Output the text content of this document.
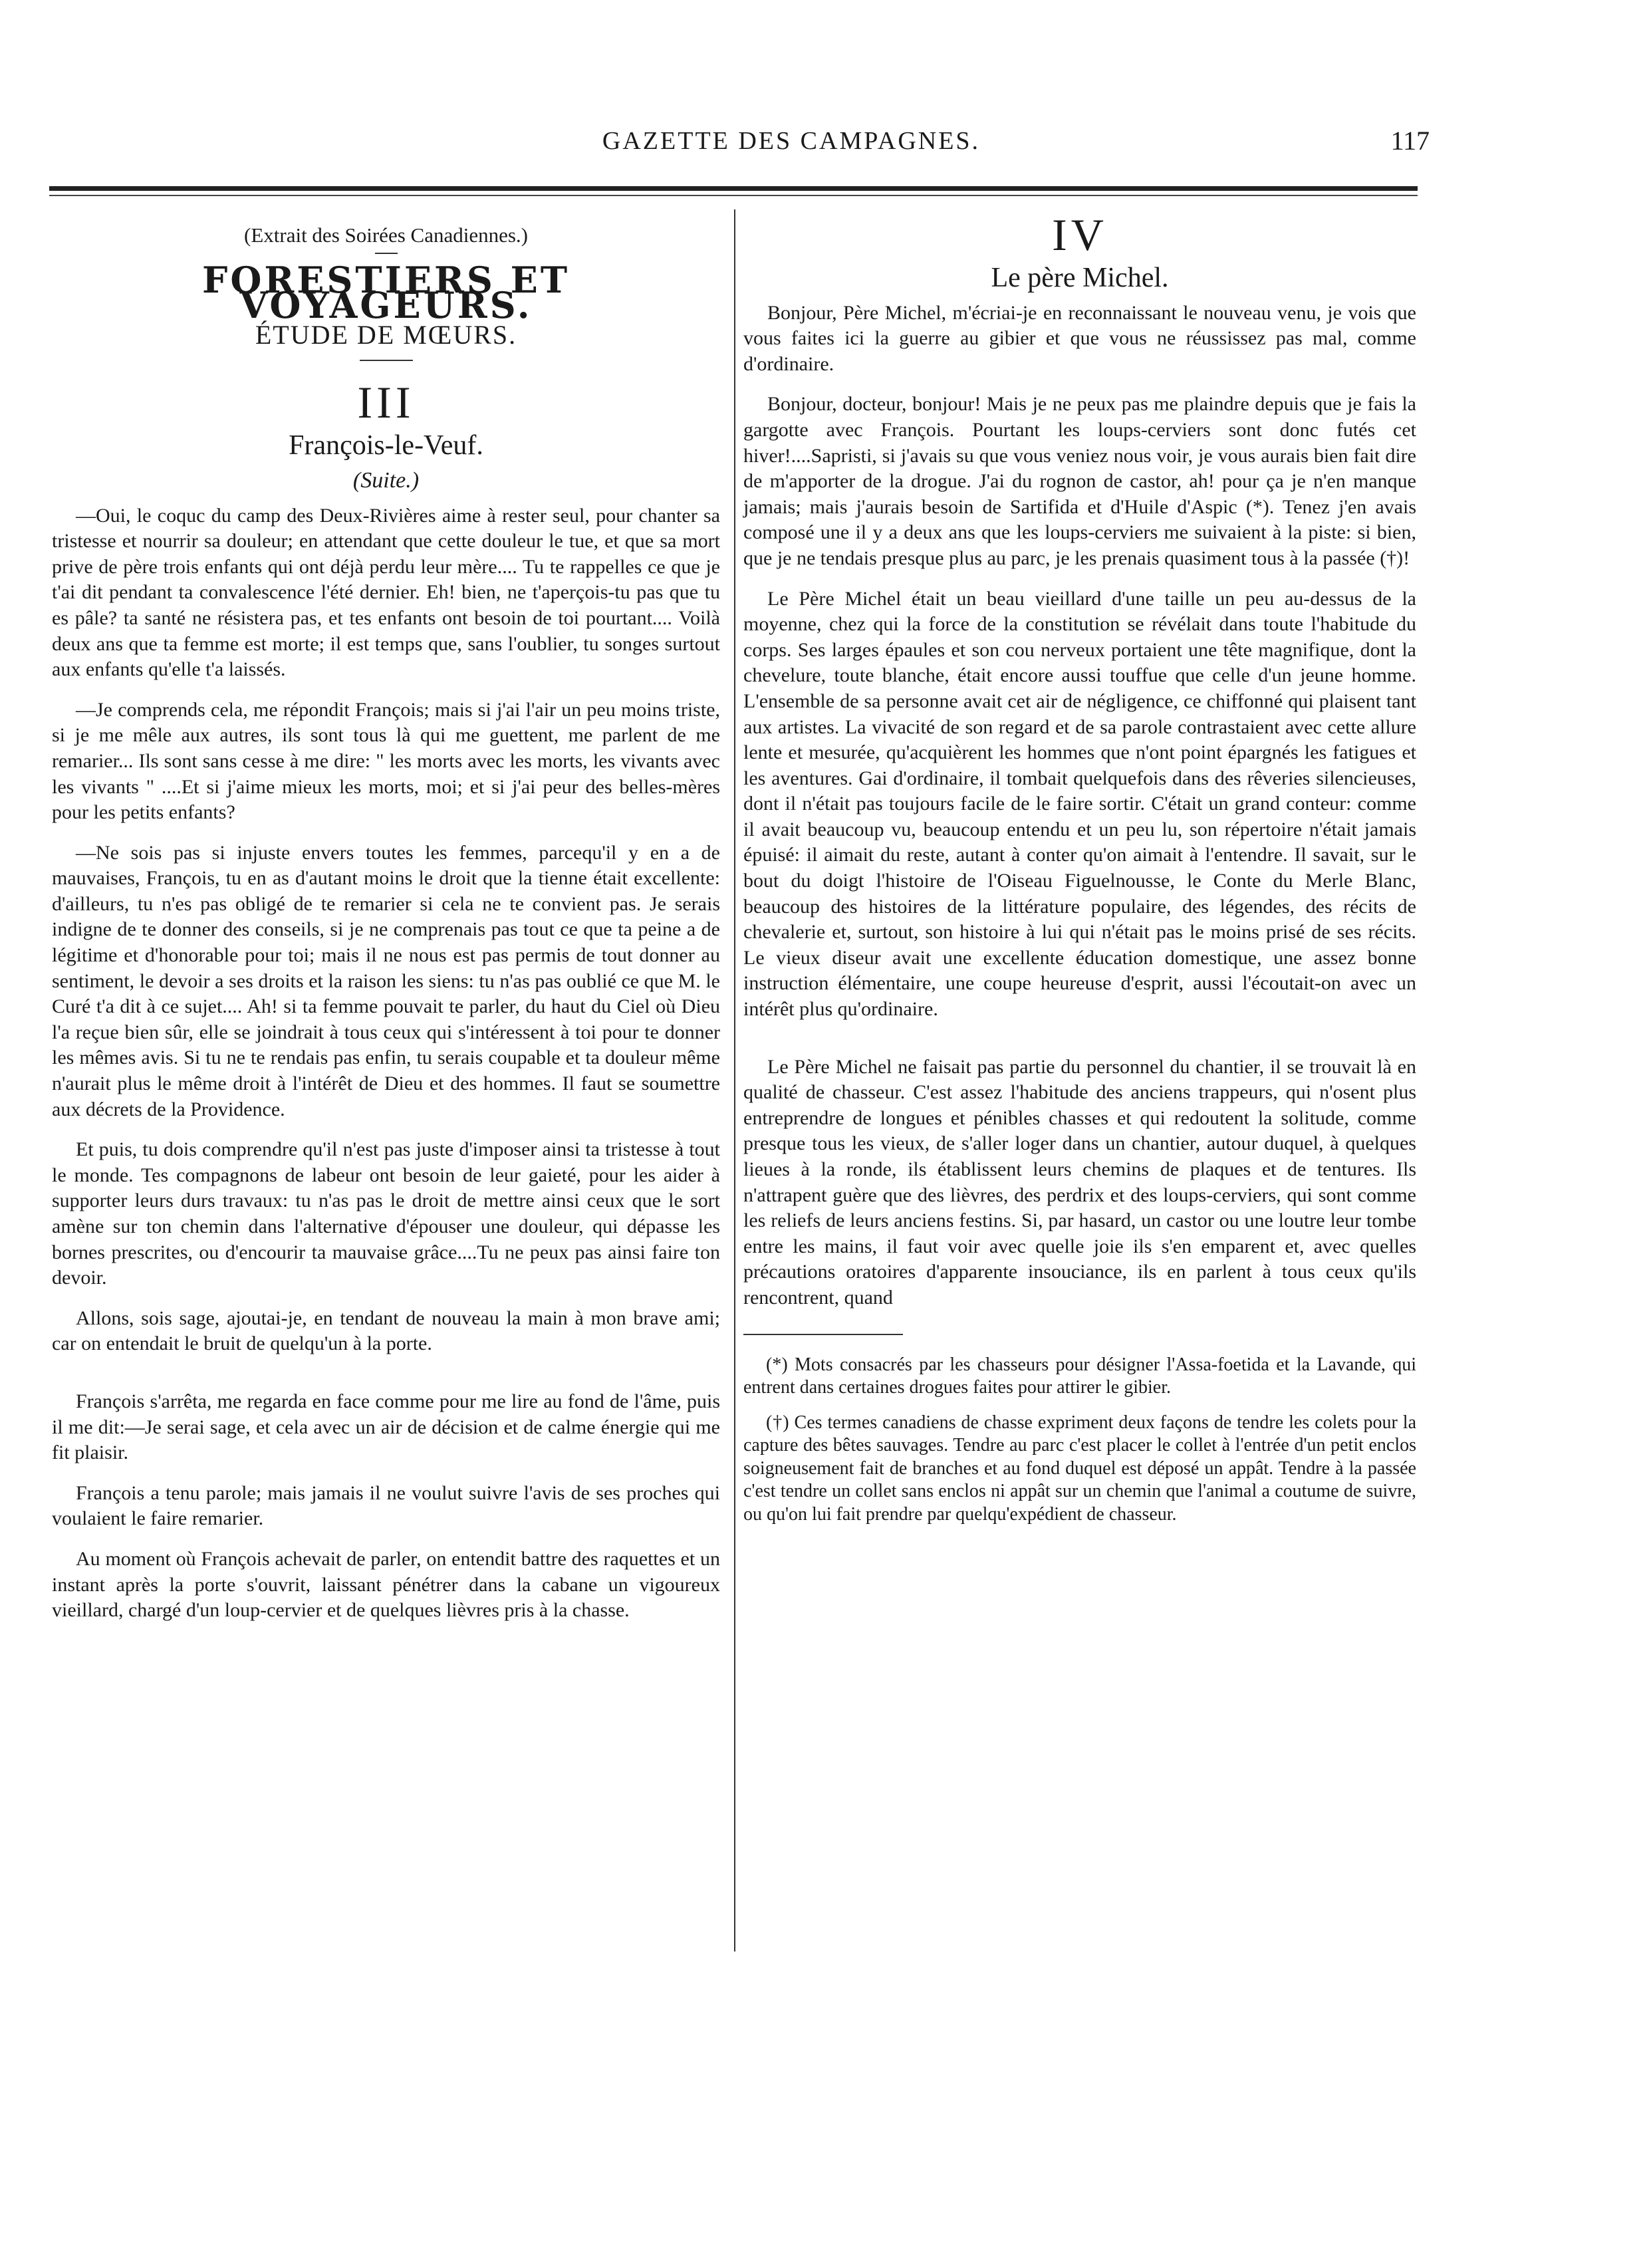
GAZETTE DES CAMPAGNES.	117
(Extrait des Soirées Canadiennes.)
FORESTIERS ET VOYAGEURS.
ÉTUDE DE MŒURS.
III
François-le-Veuf.
(Suite.)

—Oui, le coquc du camp des Deux-Rivières aime à rester seul, pour chanter sa tristesse et nourrir sa douleur; en attendant que cette douleur le tue, et que sa mort prive de père trois enfants qui ont déjà perdu leur mère.... Tu te rappelles ce que je t'ai dit pendant ta convalescence l'été dernier. Eh! bien, ne t'aperçois-tu pas que tu es pâle? ta santé ne résistera pas, et tes enfants ont besoin de toi pourtant.... Voilà deux ans que ta femme est morte; il est temps que, sans l'oublier, tu songes surtout aux enfants qu'elle t'a laissés.

—Je comprends cela, me répondit François; mais si j'ai l'air un peu moins triste, si je me mêle aux autres, ils sont tous là qui me guettent, me parlent de me remarier... Ils sont sans cesse à me dire: " les morts avec les morts, les vivants avec les vivants " ....Et si j'aime mieux les morts, moi; et si j'ai peur des belles-mères pour les petits enfants?

—Ne sois pas si injuste envers toutes les femmes, parcequ'il y en a de mauvaises, François, tu en as d'autant moins le droit que la tienne était excellente: d'ailleurs, tu n'es pas obligé de te remarier si cela ne te convient pas. Je serais indigne de te donner des conseils, si je ne comprenais pas tout ce que ta peine a de légitime et d'honorable pour toi; mais il ne nous est pas permis de tout donner au sentiment, le devoir a ses droits et la raison les siens: tu n'as pas oublié ce que M. le Curé t'a dit à ce sujet.... Ah! si ta femme pouvait te parler, du haut du Ciel où Dieu l'a reçue bien sûr, elle se joindrait à tous ceux qui s'intéressent à toi pour te donner les mêmes avis. Si tu ne te rendais pas enfin, tu serais coupable et ta douleur même n'aurait plus le même droit à l'intérêt de Dieu et des hommes. Il faut se soumettre aux décrets de la Providence.

Et puis, tu dois comprendre qu'il n'est pas juste d'imposer ainsi ta tristesse à tout le monde. Tes compagnons de labeur ont besoin de leur gaieté, pour les aider à supporter leurs durs travaux: tu n'as pas le droit de mettre ainsi ceux que le sort amène sur ton chemin dans l'alternative d'épouser une douleur, qui dépasse les bornes prescrites, ou d'encourir ta mauvaise grâce....Tu ne peux pas ainsi faire ton devoir.

Allons, sois sage, ajoutai-je, en tendant de nouveau la main à mon brave ami; car on entendait le bruit de quelqu'un à la porte.

François s'arrêta, me regarda en face comme pour me lire au fond de l'âme, puis il me dit:—Je serai sage, et cela avec un air de décision et de calme énergie qui me fit plaisir.

François a tenu parole; mais jamais il ne voulut suivre l'avis de ses proches qui voulaient le faire remarier.

Au moment où François achevait de parler, on entendit battre des raquettes et un instant après la porte s'ouvrit, laissant pénétrer dans la cabane un vigoureux vieillard, chargé d'un loup-cervier et de quelques lièvres pris à la chasse.

IV
Le père Michel.

Bonjour, Père Michel, m'écriai-je en reconnaissant le nouveau venu, je vois que vous faites ici la guerre au gibier et que vous ne réussissez pas mal, comme d'ordinaire.

Bonjour, docteur, bonjour! Mais je ne peux pas me plaindre depuis que je fais la gargotte avec François. Pourtant les loups-cerviers sont donc futés cet hiver!....Sapristi, si j'avais su que vous veniez nous voir, je vous aurais bien fait dire de m'apporter de la drogue. J'ai du rognon de castor, ah! pour ça je n'en manque jamais; mais j'aurais besoin de Sartifida et d'Huile d'Aspic (*). Tenez j'en avais composé une il y a deux ans que les loups-cerviers me suivaient à la piste: si bien, que je ne tendais presque plus au parc, je les prenais quasiment tous à la passée (†)!

Le Père Michel était un beau vieillard d'une taille un peu au-dessus de la moyenne, chez qui la force de la constitution se révélait dans toute l'habitude du corps. Ses larges épaules et son cou nerveux portaient une tête magnifique, dont la chevelure, toute blanche, était encore aussi touffue que celle d'un jeune homme. L'ensemble de sa personne avait cet air de négligence, ce chiffonné qui plaisent tant aux artistes. La vivacité de son regard et de sa parole contrastaient avec cette allure lente et mesurée, qu'acquièrent les hommes que n'ont point épargnés les fatigues et les aventures. Gai d'ordinaire, il tombait quelquefois dans des rêveries silencieuses, dont il n'était pas toujours facile de le faire sortir. C'était un grand conteur: comme il avait beaucoup vu, beaucoup entendu et un peu lu, son répertoire n'était jamais épuisé: il aimait du reste, autant à conter qu'on aimait à l'entendre. Il savait, sur le bout du doigt l'histoire de l'Oiseau Figuelnousse, le Conte du Merle Blanc, beaucoup des histoires de la littérature populaire, des légendes, des récits de chevalerie et, surtout, son histoire à lui qui n'était pas le moins prisé de ses récits. Le vieux diseur avait une excellente éducation domestique, une assez bonne instruction élémentaire, une coupe heureuse d'esprit, aussi l'écoutait-on avec un intérêt plus qu'ordinaire.

Le Père Michel ne faisait pas partie du personnel du chantier, il se trouvait là en qualité de chasseur. C'est assez l'habitude des anciens trappeurs, qui n'osent plus entreprendre de longues et pénibles chasses et qui redoutent la solitude, comme presque tous les vieux, de s'aller loger dans un chantier, autour duquel, à quelques lieues à la ronde, ils établissent leurs chemins de plaques et de tentures. Ils n'attrapent guère que des lièvres, des perdrix et des loups-cerviers, qui sont comme les reliefs de leurs anciens festins. Si, par hasard, un castor ou une loutre leur tombe entre les mains, il faut voir avec quelle joie ils s'en emparent et, avec quelles précautions oratoires d'apparente insouciance, ils en parlent à tous ceux qu'ils rencontrent, quand

(*) Mots consacrés par les chasseurs pour désigner l'Assa-foetida et la Lavande, qui entrent dans certaines drogues faites pour attirer le gibier.
(†) Ces termes canadiens de chasse expriment deux façons de tendre les colets pour la capture des bêtes sauvages. Tendre au parc c'est placer le collet à l'entrée d'un petit enclos soigneusement fait de branches et au fond duquel est déposé un appât. Tendre à la passée c'est tendre un collet sans enclos ni appât sur un chemin que l'animal a coutume de suivre, ou qu'on lui fait prendre par quelqu'expédient de chasseur.
